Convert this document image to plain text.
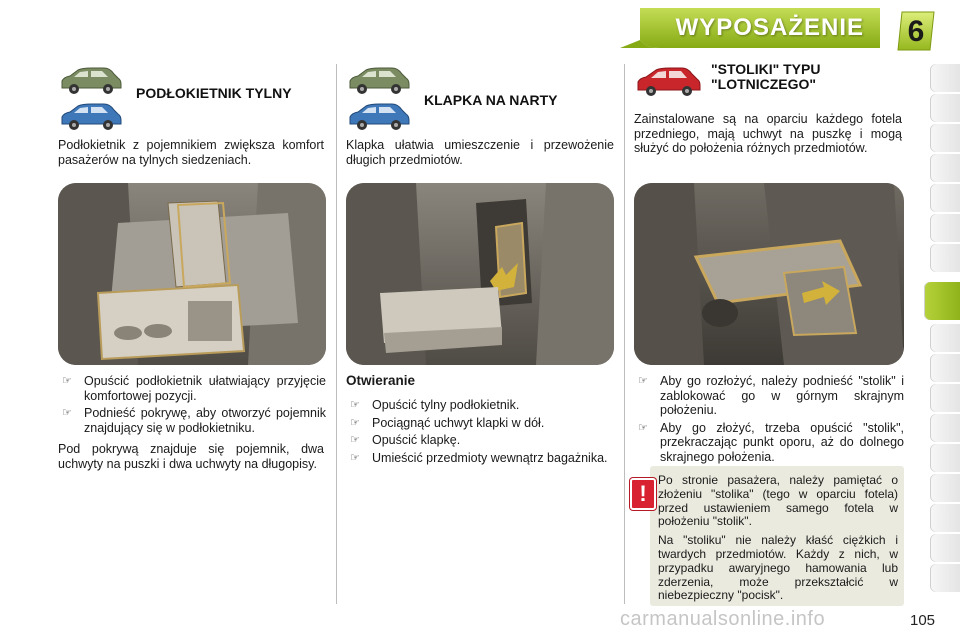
WYPOSAŻENIE	6
PODŁOKIETNIK TYLNY
Podłokietnik z pojemnikiem zwiększa komfort pasażerów na tylnych siedzeniach.
☞ Opuścić podłokietnik ułatwiający przyjęcie komfortowej pozycji.
☞ Podnieść pokrywę, aby otworzyć pojemnik znajdujący się w podłokietniku.
Pod pokrywą znajduje się pojemnik, dwa uchwyty na puszki i dwa uchwyty na długopisy.
KLAPKA NA NARTY
Klapka ułatwia umieszczenie i przewożenie długich przedmiotów.
Otwieranie
☞ Opuścić tylny podłokietnik.
☞ Pociągnąć uchwyt klapki w dół.
☞ Opuścić klapkę.
☞ Umieścić przedmioty wewnątrz bagażnika.
"STOLIKI" TYPU "LOTNICZEGO"
Zainstalowane są na oparciu każdego fotela przedniego, mają uchwyt na puszkę i mogą służyć do położenia różnych przedmiotów.
☞ Aby go rozłożyć, należy podnieść "stolik" i zablokować go w górnym skrajnym położeniu.
☞ Aby go złożyć, trzeba opuścić "stolik", przekraczając punkt oporu, aż do dolnego skrajnego położenia.
!

Po stronie pasażera, należy pamiętać o złożeniu "stolika" (tego w oparciu fotela) przed ustawieniem samego fotela w położeniu "stolik".

Na "stoliku" nie należy kłaść ciężkich i twardych przedmiotów. Każdy z nich, w przypadku awaryjnego hamowania lub zderzenia, może przekształcić w niebezpieczny "pocisk".

carmanualsonline.info	105
